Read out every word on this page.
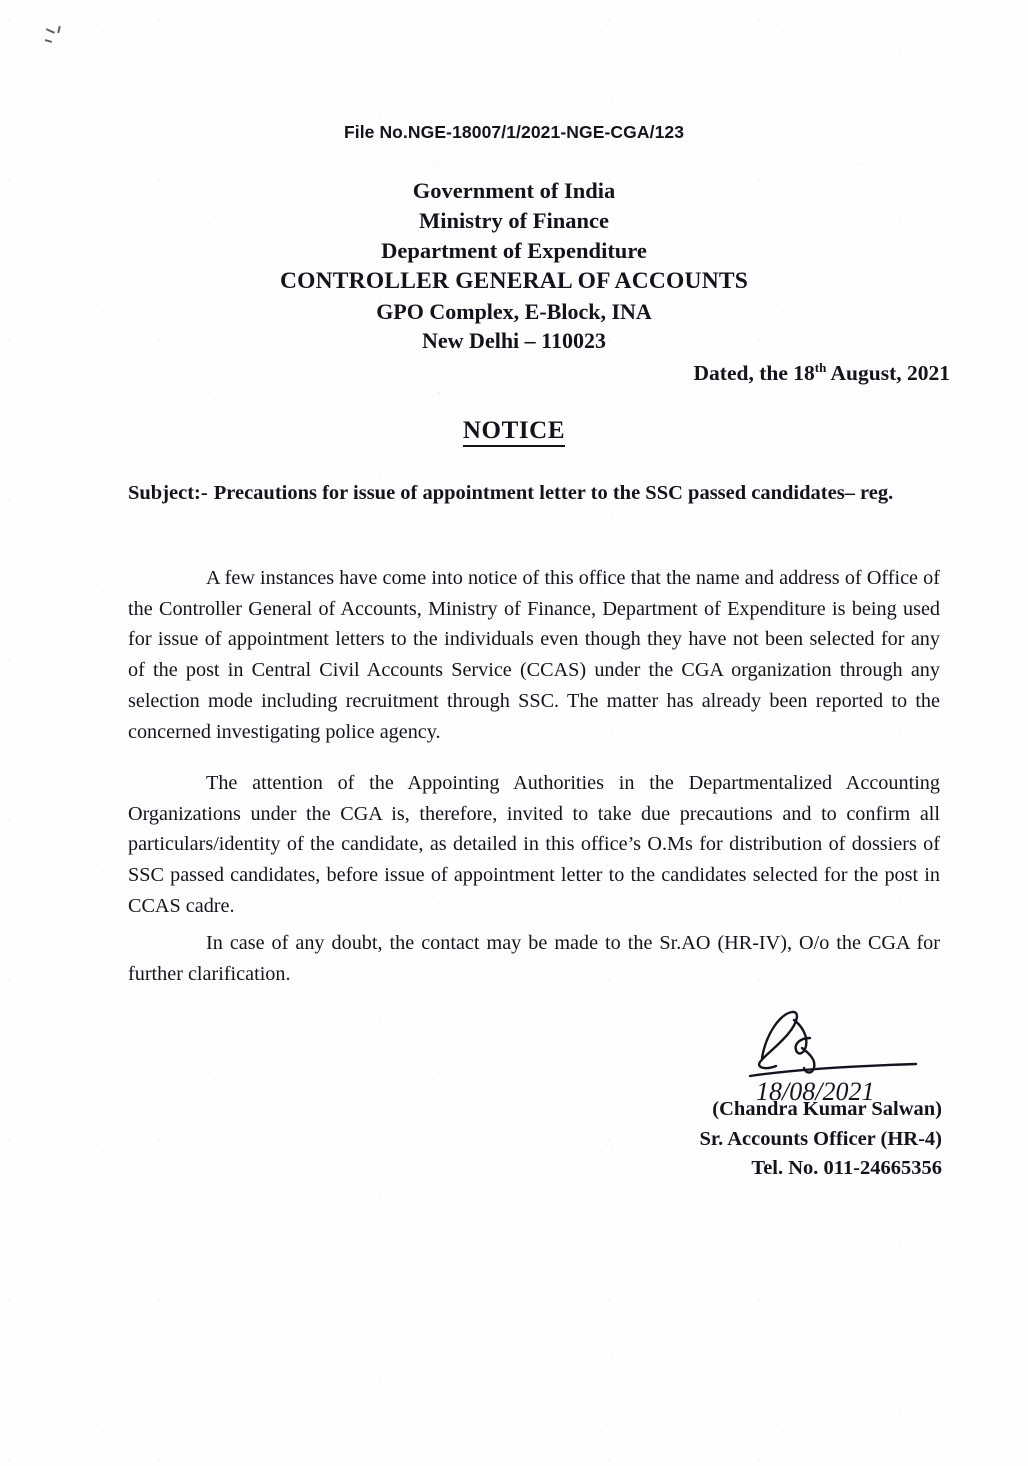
File No.NGE-18007/1/2021-NGE-CGA/123
Government of India
Ministry of Finance
Department of Expenditure
CONTROLLER GENERAL OF ACCOUNTS
GPO Complex, E-Block, INA
New Delhi – 110023
Dated, the 18th August, 2021
NOTICE
Subject:- Precautions for issue of appointment letter to the SSC passed candidates– reg.

A few instances have come into notice of this office that the name and address of Office of the Controller General of Accounts, Ministry of Finance, Department of Expenditure is being used for issue of appointment letters to the individuals even though they have not been selected for any of the post in Central Civil Accounts Service (CCAS) under the CGA organization through any selection mode including recruitment through SSC. The matter has already been reported to the concerned investigating police agency.

The attention of the Appointing Authorities in the Departmentalized Accounting Organizations under the CGA is, therefore, invited to take due precautions and to confirm all particulars/identity of the candidate, as detailed in this office’s O.Ms for distribution of dossiers of SSC passed candidates, before issue of appointment letter to the candidates selected for the post in CCAS cadre.

In case of any doubt, the contact may be made to the Sr.AO (HR-IV), O/o the CGA for further clarification.

18/08/2021
(Chandra Kumar Salwan)
Sr. Accounts Officer (HR-4)
Tel. No. 011-24665356
